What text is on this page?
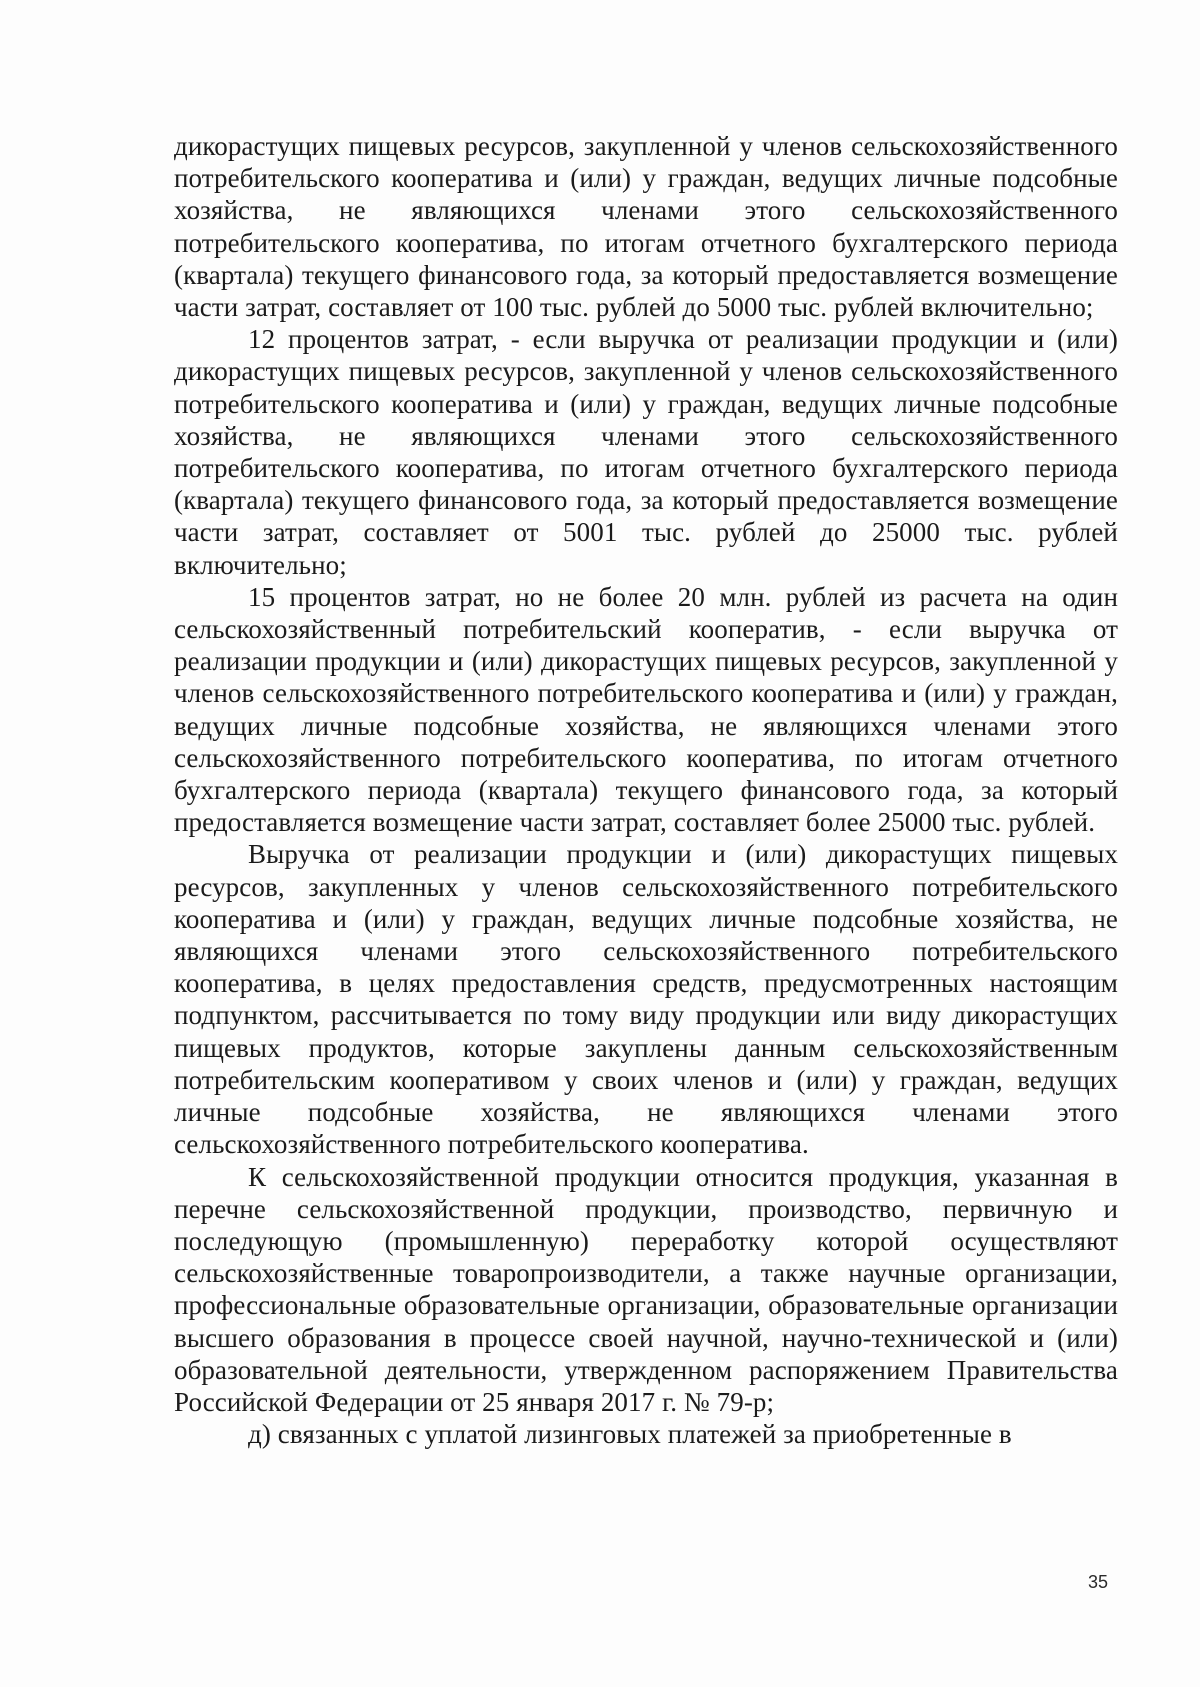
дикорастущих пищевых ресурсов, закупленной у членов сельскохозяйственного потребительского кооператива и (или) у граждан, ведущих личные подсобные хозяйства, не являющихся членами этого сельскохозяйственного потребительского кооператива, по итогам отчетного бухгалтерского периода (квартала) текущего финансового года, за который предоставляется возмещение части затрат, составляет от 100 тыс. рублей до 5000 тыс. рублей включительно;

12 процентов затрат, - если выручка от реализации продукции и (или) дикорастущих пищевых ресурсов, закупленной у членов сельскохозяйственного потребительского кооператива и (или) у граждан, ведущих личные подсобные хозяйства, не являющихся членами этого сельскохозяйственного потребительского кооператива, по итогам отчетного бухгалтерского периода (квартала) текущего финансового года, за который предоставляется возмещение части затрат, составляет от 5001 тыс. рублей до 25000 тыс. рублей включительно;

15 процентов затрат, но не более 20 млн. рублей из расчета на один сельскохозяйственный потребительский кооператив, - если выручка от реализации продукции и (или) дикорастущих пищевых ресурсов, закупленной у членов сельскохозяйственного потребительского кооператива и (или) у граждан, ведущих личные подсобные хозяйства, не являющихся членами этого сельскохозяйственного потребительского кооператива, по итогам отчетного бухгалтерского периода (квартала) текущего финансового года, за который предоставляется возмещение части затрат, составляет более 25000 тыс. рублей.

Выручка от реализации продукции и (или) дикорастущих пищевых ресурсов, закупленных у членов сельскохозяйственного потребительского кооператива и (или) у граждан, ведущих личные подсобные хозяйства, не являющихся членами этого сельскохозяйственного потребительского кооператива, в целях предоставления средств, предусмотренных настоящим подпунктом, рассчитывается по тому виду продукции или виду дикорастущих пищевых продуктов, которые закуплены данным сельскохозяйственным потребительским кооперативом у своих членов и (или) у граждан, ведущих личные подсобные хозяйства, не являющихся членами этого сельскохозяйственного потребительского кооператива.

К сельскохозяйственной продукции относится продукция, указанная в перечне сельскохозяйственной продукции, производство, первичную и последующую (промышленную) переработку которой осуществляют сельскохозяйственные товаропроизводители, а также научные организации, профессиональные образовательные организации, образовательные организации высшего образования в процессе своей научной, научно-технической и (или) образовательной деятельности, утвержденном распоряжением Правительства Российской Федерации от 25 января 2017 г. № 79-р;

д) связанных с уплатой лизинговых платежей за приобретенные в

35
